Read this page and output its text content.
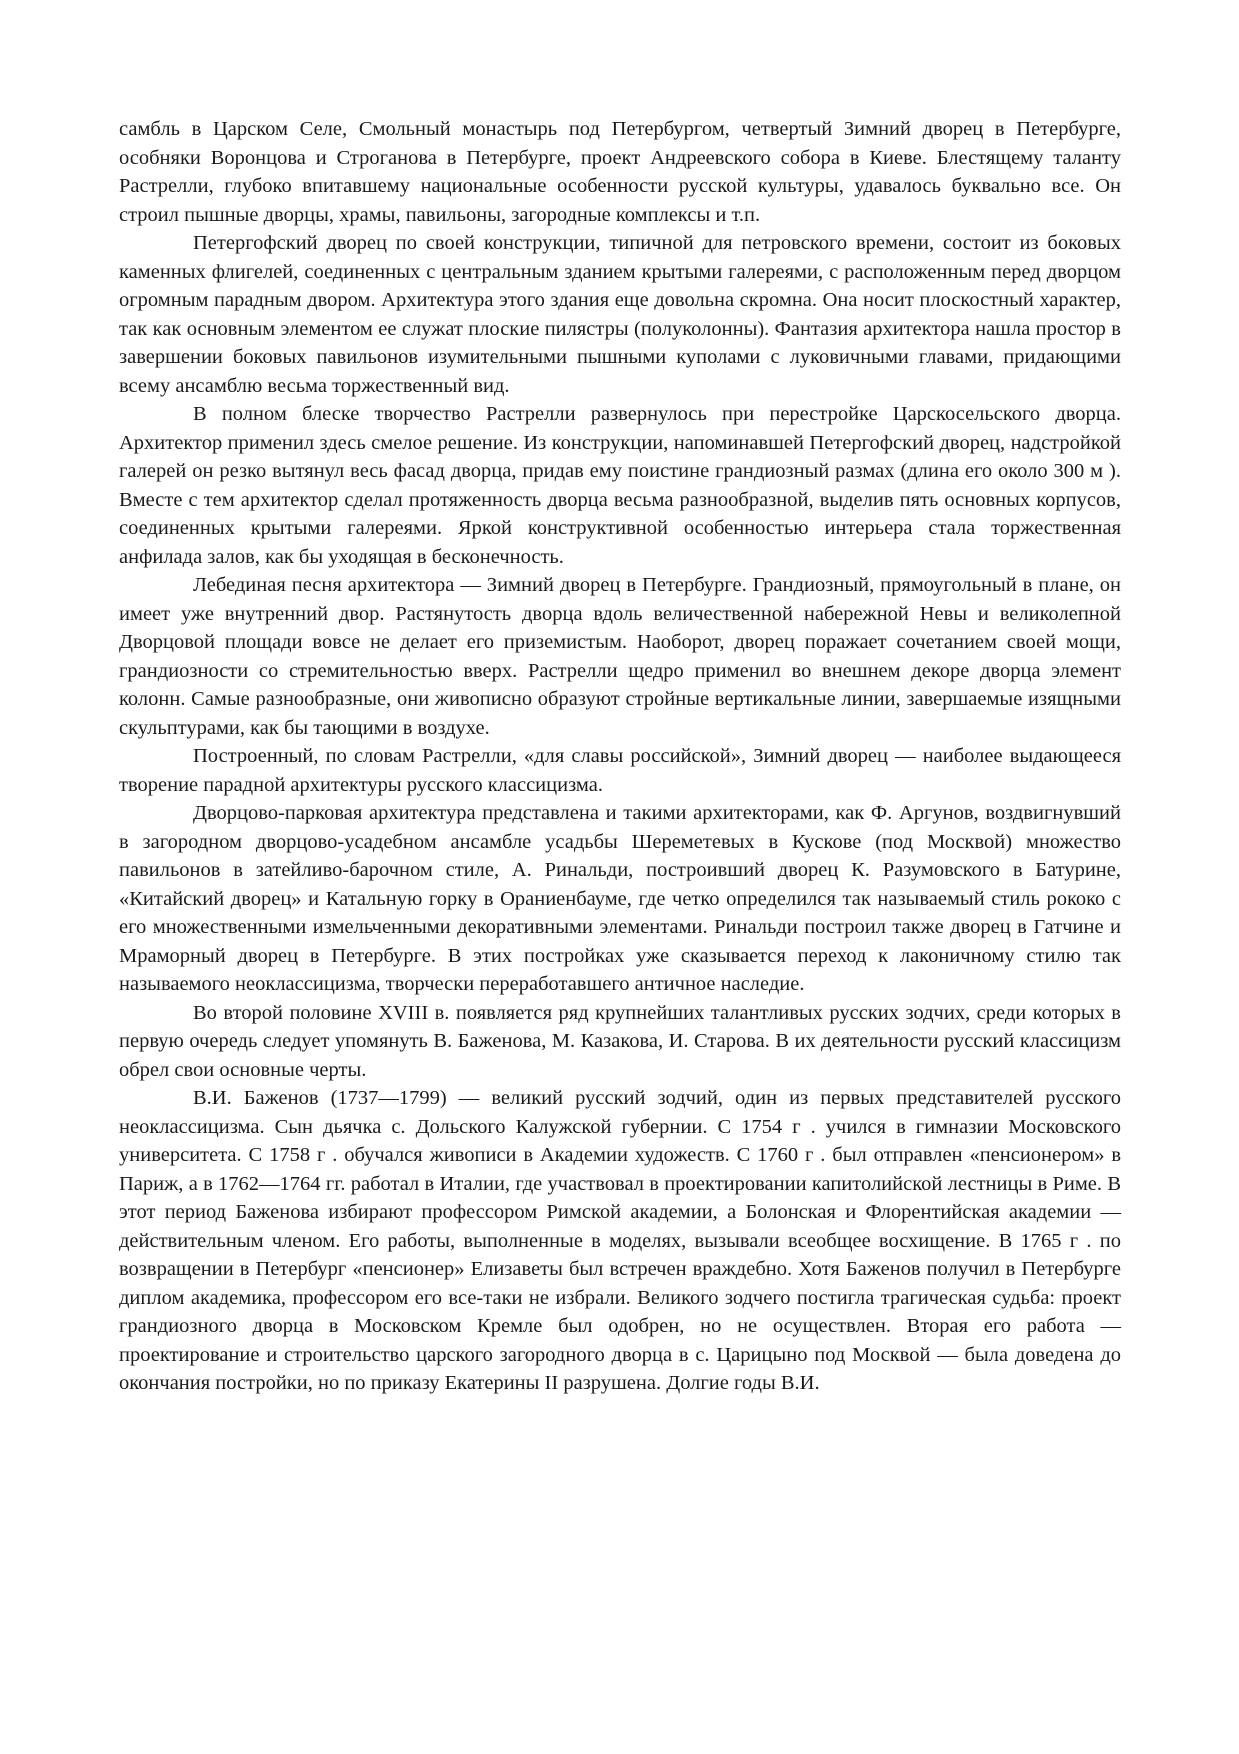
самбль в Царском Селе, Смольный монастырь под Петербургом, четвертый Зимний дворец в Петербурге, особняки Воронцова и Строганова в Петербурге, проект Андреевского собора в Киеве. Блестящему таланту Растрелли, глубоко впитавшему национальные особенности русской культуры, удавалось буквально все. Он строил пышные дворцы, храмы, павильоны, загородные комплексы и т.п.

Петергофский дворец по своей конструкции, типичной для петровского времени, состоит из боковых каменных флигелей, соединенных с центральным зданием крытыми галереями, с расположенным перед дворцом огромным парадным двором. Архитектура этого здания еще довольна скромна. Она носит плоскостный характер, так как основным элементом ее служат плоские пилястры (полуколонны). Фантазия архитектора нашла простор в завершении боковых павильонов изумительными пышными куполами с луковичными главами, придающими всему ансамблю весьма торжественный вид.

В полном блеске творчество Растрелли развернулось при перестройке Царскосельского дворца. Архитектор применил здесь смелое решение. Из конструкции, напоминавшей Петергофский дворец, надстройкой галерей он резко вытянул весь фасад дворца, придав ему поистине грандиозный размах (длина его около 300 м ). Вместе с тем архитектор сделал протяженность дворца весьма разнообразной, выделив пять основных корпусов, соединенных крытыми галереями. Яркой конструктивной особенностью интерьера стала торжественная анфилада залов, как бы уходящая в бесконечность.

Лебединая песня архитектора — Зимний дворец в Петербурге. Грандиозный, прямоугольный в плане, он имеет уже внутренний двор. Растянутость дворца вдоль величественной набережной Невы и великолепной Дворцовой площади вовсе не делает его приземистым. Наоборот, дворец поражает сочетанием своей мощи, грандиозности со стремительностью вверх. Растрелли щедро применил во внешнем декоре дворца элемент колонн. Самые разнообразные, они живописно образуют стройные вертикальные линии, завершаемые изящными скульптурами, как бы тающими в воздухе.

Построенный, по словам Растрелли, «для славы российской», Зимний дворец — наиболее выдающееся творение парадной архитектуры русского классицизма.

Дворцово-парковая архитектура представлена и такими архитекторами, как Ф. Аргунов, воздвигнувший в загородном дворцово-усадебном ансамбле усадьбы Шереметевых в Кускове (под Москвой) множество павильонов в затейливо-барочном стиле, А. Ринальди, построивший дворец К. Разумовского в Батурине, «Китайский дворец» и Катальную горку в Ораниенбауме, где четко определился так называемый стиль рококо с его множественными измельченными декоративными элементами. Ринальди построил также дворец в Гатчине и Мраморный дворец в Петербурге. В этих постройках уже сказывается переход к лаконичному стилю так называемого неоклассицизма, творчески переработавшего античное наследие.

Во второй половине XVIII в. появляется ряд крупнейших талантливых русских зодчих, среди которых в первую очередь следует упомянуть В. Баженова, М. Казакова, И. Старова. В их деятельности русский классицизм обрел свои основные черты.

В.И. Баженов (1737—1799) — великий русский зодчий, один из первых представителей русского неоклассицизма. Сын дьячка с. Дольского Калужской губернии. С 1754 г . учился в гимназии Московского университета. С 1758 г . обучался живописи в Академии художеств. С 1760 г . был отправлен «пенсионером» в Париж, а в 1762—1764 гг. работал в Италии, где участвовал в проектировании капитолийской лестницы в Риме. В этот период Баженова избирают профессором Римской академии, а Болонская и Флорентийская академии — действительным членом. Его работы, выполненные в моделях, вызывали всеобщее восхищение. В 1765 г . по возвращении в Петербург «пенсионер» Елизаветы был встречен враждебно. Хотя Баженов получил в Петербурге диплом академика, профессором его все-таки не избрали. Великого зодчего постигла трагическая судьба: проект грандиозного дворца в Московском Кремле был одобрен, но не осуществлен. Вторая его работа — проектирование и строительство царского загородного дворца в с. Царицыно под Москвой — была доведена до окончания постройки, но по приказу Екатерины II разрушена. Долгие годы В.И.
